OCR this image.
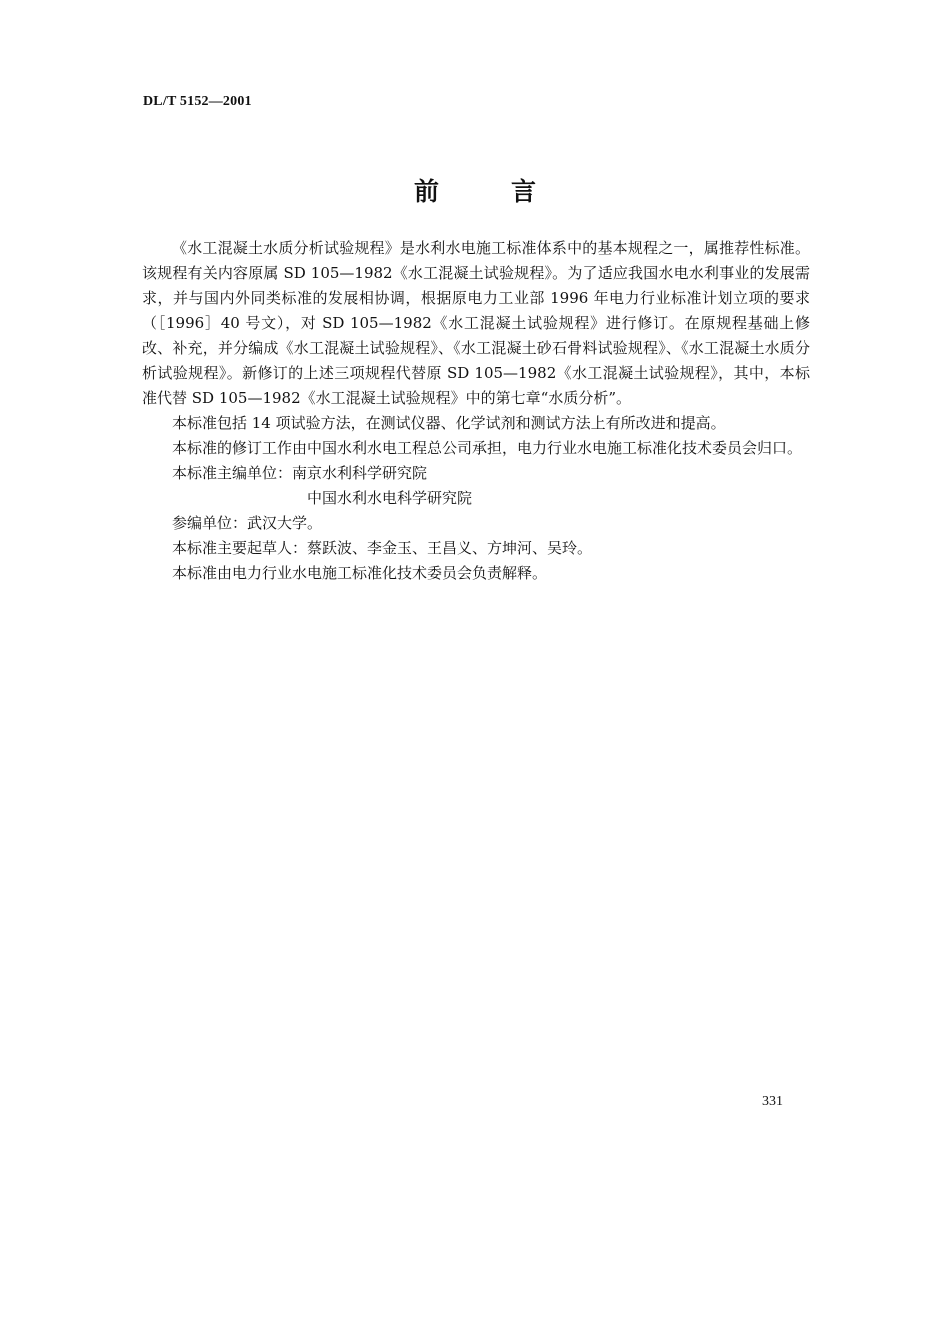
DL/T 5152—2001
前	言

《水工混凝土水质分析试验规程》是水利水电施工标准体系中的基本规程之一，属推荐性标准。该规程有关内容原属 SD 105—1982《水工混凝土试验规程》。为了适应我国水电水利事业的发展需求，并与国内外同类标准的发展相协调，根据原电力工业部 1996 年电力行业标准计划立项的要求（［1996］40 号文），对 SD 105—1982《水工混凝土试验规程》进行修订。在原规程基础上修改、补充，并分编成《水工混凝土试验规程》、《水工混凝土砂石骨料试验规程》、《水工混凝土水质分析试验规程》。新修订的上述三项规程代替原 SD 105—1982《水工混凝土试验规程》，其中，本标准代替 SD 105—1982《水工混凝土试验规程》中的第七章“水质分析”。

本标准包括 14 项试验方法，在测试仪器、化学试剂和测试方法上有所改进和提高。

本标准的修订工作由中国水利水电工程总公司承担，电力行业水电施工标准化技术委员会归口。

本标准主编单位：南京水利科学研究院
中国水利水电科学研究院

参编单位：武汉大学。

本标准主要起草人：蔡跃波、李金玉、王昌义、方坤河、吴玲。

本标准由电力行业水电施工标准化技术委员会负责解释。

331
